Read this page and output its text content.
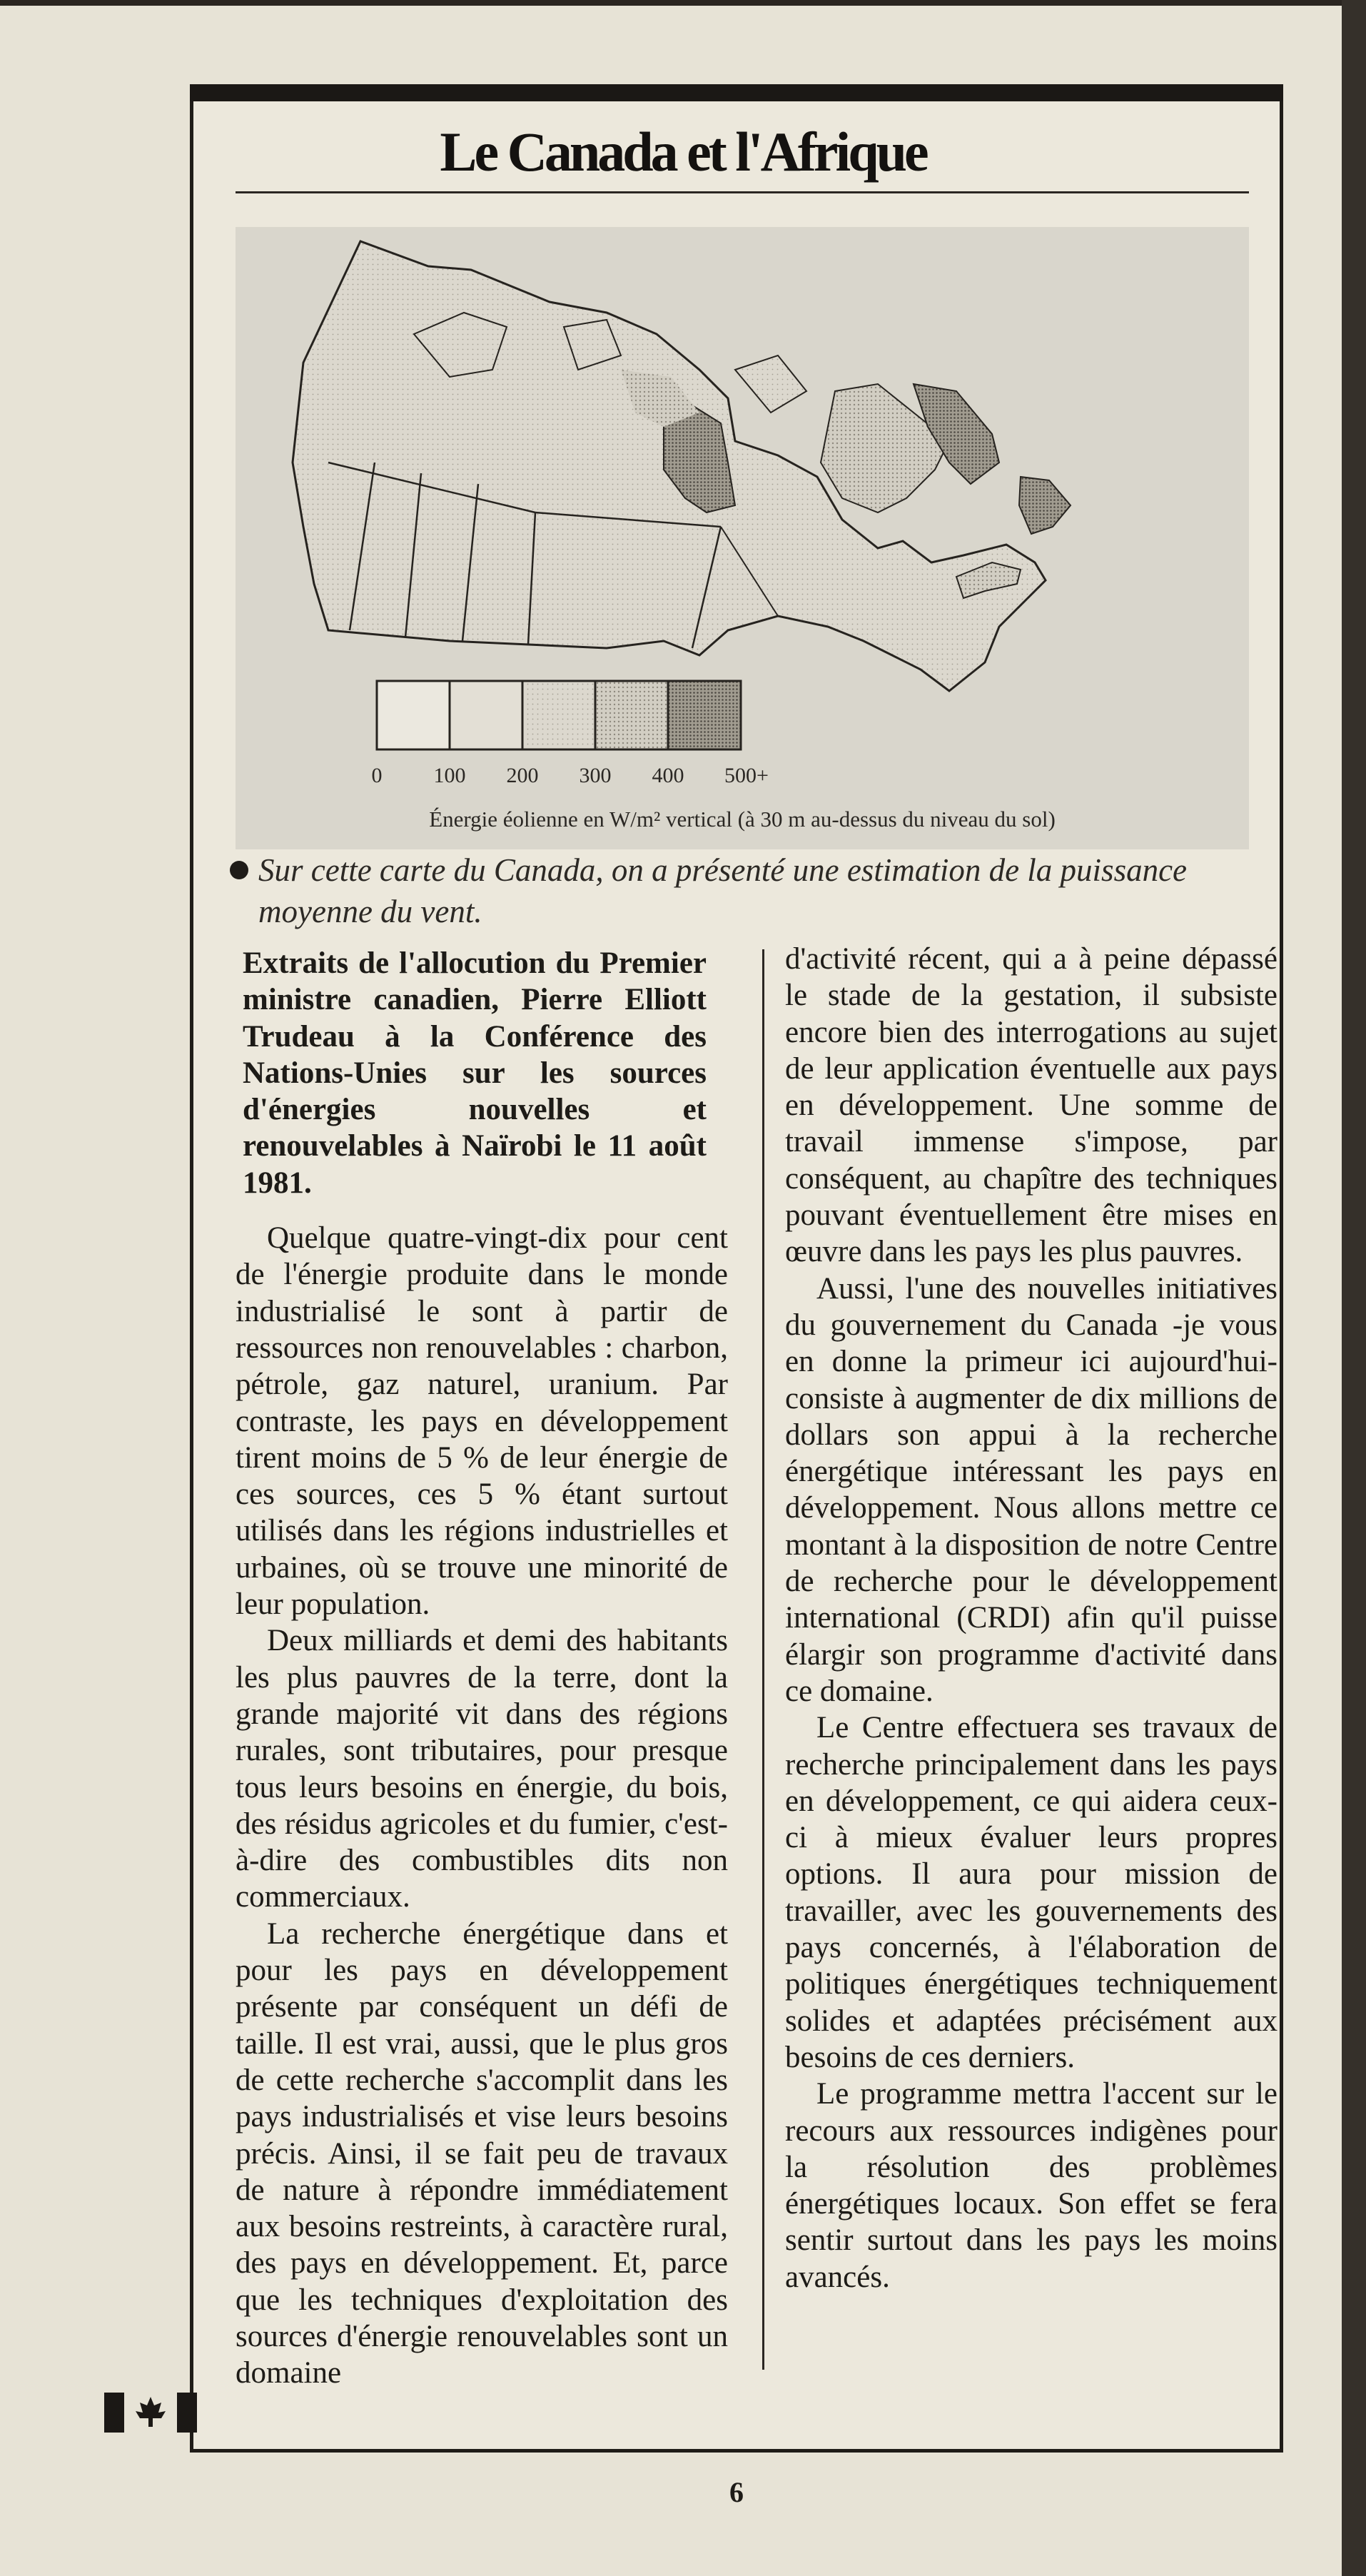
Le Canada et l'Afrique
0 100 200 300 400 500+
Énergie éolienne en W/m² vertical (à 30 m au-dessus du niveau du sol)
Sur cette carte du Canada, on a présenté une estimation de la puissance
moyenne du vent.

Extraits de l'allocution du Premier ministre canadien, Pierre Elliott Trudeau à la Conférence des Nations-Unies sur les sources d'énergies nouvelles et renouvelables à Naïrobi le 11 août 1981.

Quelque quatre-vingt-dix pour cent de l'énergie produite dans le monde industrialisé le sont à partir de ressources non renouvelables : charbon, pétrole, gaz naturel, uranium. Par contraste, les pays en développement tirent moins de 5 % de leur énergie de ces sources, ces 5 % étant surtout utilisés dans les régions industrielles et urbaines, où se trouve une minorité de leur population.

Deux milliards et demi des habitants les plus pauvres de la terre, dont la grande majorité vit dans des régions rurales, sont tributaires, pour presque tous leurs besoins en énergie, du bois, des résidus agricoles et du fumier, c'est-à-dire des combustibles dits non commerciaux.

La recherche énergétique dans et pour les pays en développement présente par conséquent un défi de taille. Il est vrai, aussi, que le plus gros de cette recherche s'accomplit dans les pays industrialisés et vise leurs besoins précis. Ainsi, il se fait peu de travaux de nature à répondre immédiatement aux besoins restreints, à caractère rural, des pays en développement. Et, parce que les techniques d'exploitation des sources d'énergie renouvelables sont un domaine

d'activité récent, qui a à peine dépassé le stade de la gestation, il subsiste encore bien des interrogations au sujet de leur application éventuelle aux pays en développement. Une somme de travail immense s'impose, par conséquent, au chapître des techniques pouvant éventuellement être mises en œuvre dans les pays les plus pauvres.

Aussi, l'une des nouvelles initiatives du gouvernement du Canada -je vous en donne la primeur ici aujourd'hui- consiste à augmenter de dix millions de dollars son appui à la recherche énergétique intéressant les pays en développement. Nous allons mettre ce montant à la disposition de notre Centre de recherche pour le développement international (CRDI) afin qu'il puisse élargir son programme d'activité dans ce domaine.

Le Centre effectuera ses travaux de recherche principalement dans les pays en développement, ce qui aidera ceux-ci à mieux évaluer leurs propres options. Il aura pour mission de travailler, avec les gouvernements des pays concernés, à l'élaboration de politiques énergétiques techniquement solides et adaptées précisément aux besoins de ces derniers.

Le programme mettra l'accent sur le recours aux ressources indigènes pour la résolution des problèmes énergétiques locaux. Son effet se fera sentir surtout dans les pays les moins avancés.

6
